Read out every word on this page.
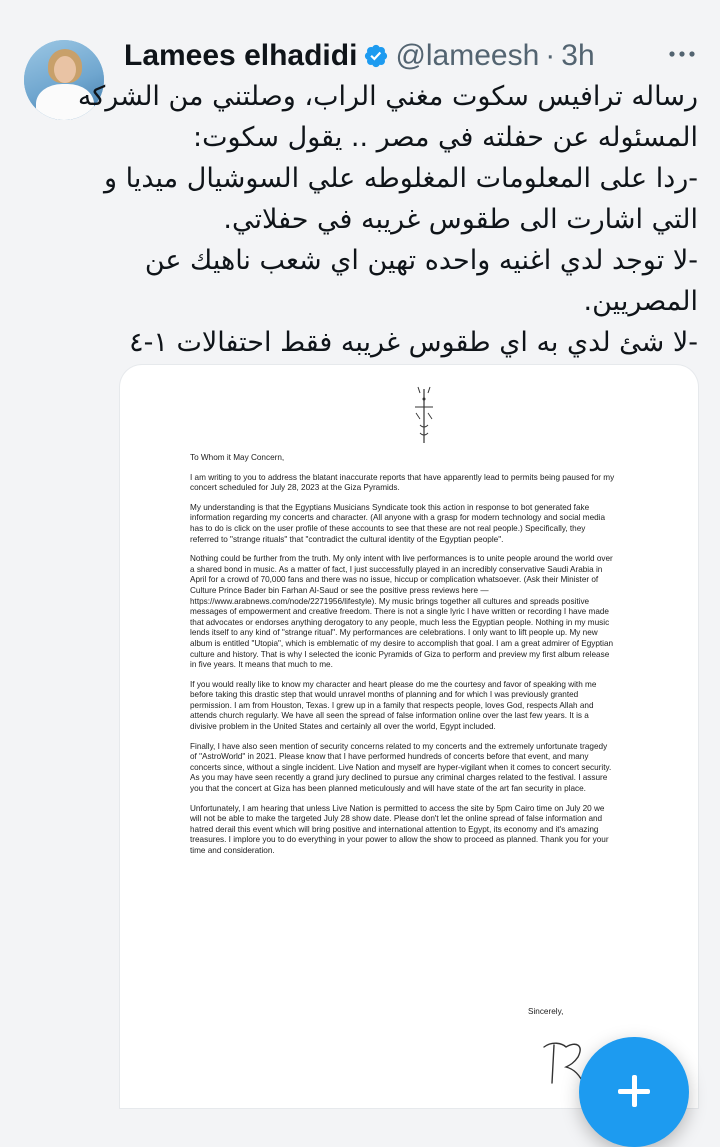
Lamees elhadidi @lameesh · 3h
رساله ترافيس سكوت مغني الراب، وصلتني من الشركه
المسئوله عن حفلته في مصر .. يقول سكوت:
-ردا على المعلومات المغلوطه علي السوشيال ميديا و
التي اشارت الى طقوس غريبه في حفلاتي.
-لا توجد لدي اغنيه واحده تهين اي شعب ناهيك عن
المصريين.
-لا شئ لدي به اي طقوس غريبه فقط احتفالات ١-٤

To Whom it May Concern,

I am writing to you to address the blatant inaccurate reports that have apparently lead to permits being paused for my concert scheduled for July 28, 2023 at the Giza Pyramids.

My understanding is that the Egyptians Musicians Syndicate took this action in response to bot generated fake information regarding my concerts and character. (All anyone with a grasp for modern technology and social media has to do is click on the user profile of these accounts to see that these are not real people.) Specifically, they referred to "strange rituals" that "contradict the cultural identity of the Egyptian people".

Nothing could be further from the truth. My only intent with live performances is to unite people around the world over a shared bond in music. As a matter of fact, I just successfully played in an incredibly conservative Saudi Arabia in April for a crowd of 70,000 fans and there was no issue, hiccup or complication whatsoever. (Ask their Minister of Culture Prince Bader bin Farhan Al-Saud or see the positive press reviews here — https://www.arabnews.com/node/2271956/lifestyle). My music brings together all cultures and spreads positive messages of empowerment and creative freedom. There is not a single lyric I have written or recording I have made that advocates or endorses anything derogatory to any people, much less the Egyptian people. Nothing in my music lends itself to any kind of "strange ritual". My performances are celebrations. I only want to lift people up. My new album is entitled "Utopia", which is emblematic of my desire to accomplish that goal. I am a great admirer of Egyptian culture and history. That is why I selected the iconic Pyramids of Giza to perform and preview my first album release in five years. It means that much to me.

If you would really like to know my character and heart please do me the courtesy and favor of speaking with me before taking this drastic step that would unravel months of planning and for which I was previously granted permission. I am from Houston, Texas. I grew up in a family that respects people, loves God, respects Allah and attends church regularly. We have all seen the spread of false information online over the last few years. It is a divisive problem in the United States and certainly all over the world, Egypt included.

Finally, I have also seen mention of security concerns related to my concerts and the extremely unfortunate tragedy of "AstroWorld" in 2021. Please know that I have performed hundreds of concerts before that event, and many concerts since, without a single incident. Live Nation and myself are hyper-vigilant when it comes to concert security. As you may have seen recently a grand jury declined to pursue any criminal charges related to the festival. I assure you that the concert at Giza has been planned meticulously and will have state of the art fan security in place.

Unfortunately, I am hearing that unless Live Nation is permitted to access the site by 5pm Cairo time on July 20 we will not be able to make the targeted July 28 show date. Please don't let the online spread of false information and hatred derail this event which will bring positive and international attention to Egypt, its economy and it's amazing treasures. I implore you to do everything in your power to allow the show to proceed as planned. Thank you for your time and consideration.

Sincerely,
